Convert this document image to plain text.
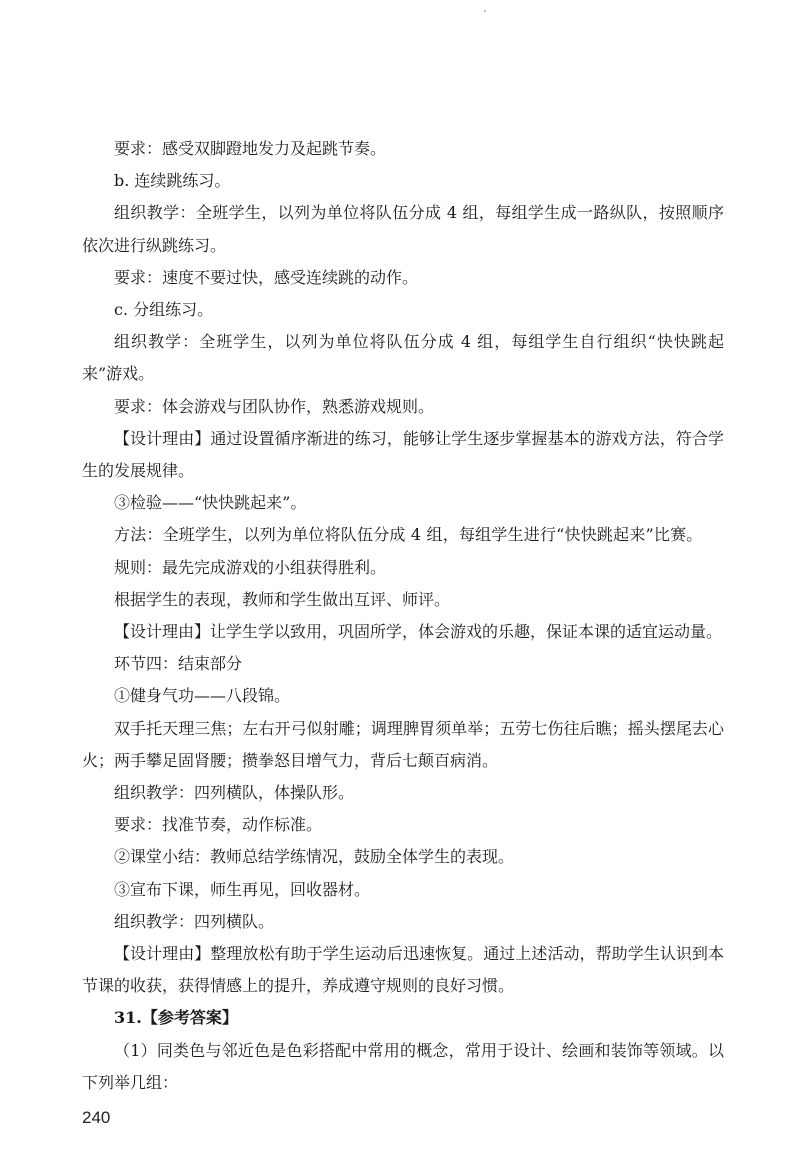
要求：感受双脚蹬地发力及起跳节奏。

b. 连续跳练习。

组织教学：全班学生，以列为单位将队伍分成 4 组，每组学生成一路纵队，按照顺序依次进行纵跳练习。

要求：速度不要过快，感受连续跳的动作。

c. 分组练习。

组织教学：全班学生，以列为单位将队伍分成 4 组，每组学生自行组织“快快跳起来”游戏。

要求：体会游戏与团队协作，熟悉游戏规则。

【设计理由】通过设置循序渐进的练习，能够让学生逐步掌握基本的游戏方法，符合学生的发展规律。

③检验——“快快跳起来”。

方法：全班学生，以列为单位将队伍分成 4 组，每组学生进行“快快跳起来”比赛。

规则：最先完成游戏的小组获得胜利。

根据学生的表现，教师和学生做出互评、师评。

【设计理由】让学生学以致用，巩固所学，体会游戏的乐趣，保证本课的适宜运动量。

环节四：结束部分

①健身气功——八段锦。

双手托天理三焦；左右开弓似射雕；调理脾胃须单举；五劳七伤往后瞧；摇头摆尾去心火；两手攀足固肾腰；攒拳怒目增气力，背后七颠百病消。

组织教学：四列横队，体操队形。

要求：找准节奏，动作标准。

②课堂小结：教师总结学练情况，鼓励全体学生的表现。

③宣布下课，师生再见，回收器材。

组织教学：四列横队。

【设计理由】整理放松有助于学生运动后迅速恢复。通过上述活动，帮助学生认识到本节课的收获，获得情感上的提升，养成遵守规则的良好习惯。

31.【参考答案】

（1）同类色与邻近色是色彩搭配中常用的概念，常用于设计、绘画和装饰等领域。以下列举几组：

240
